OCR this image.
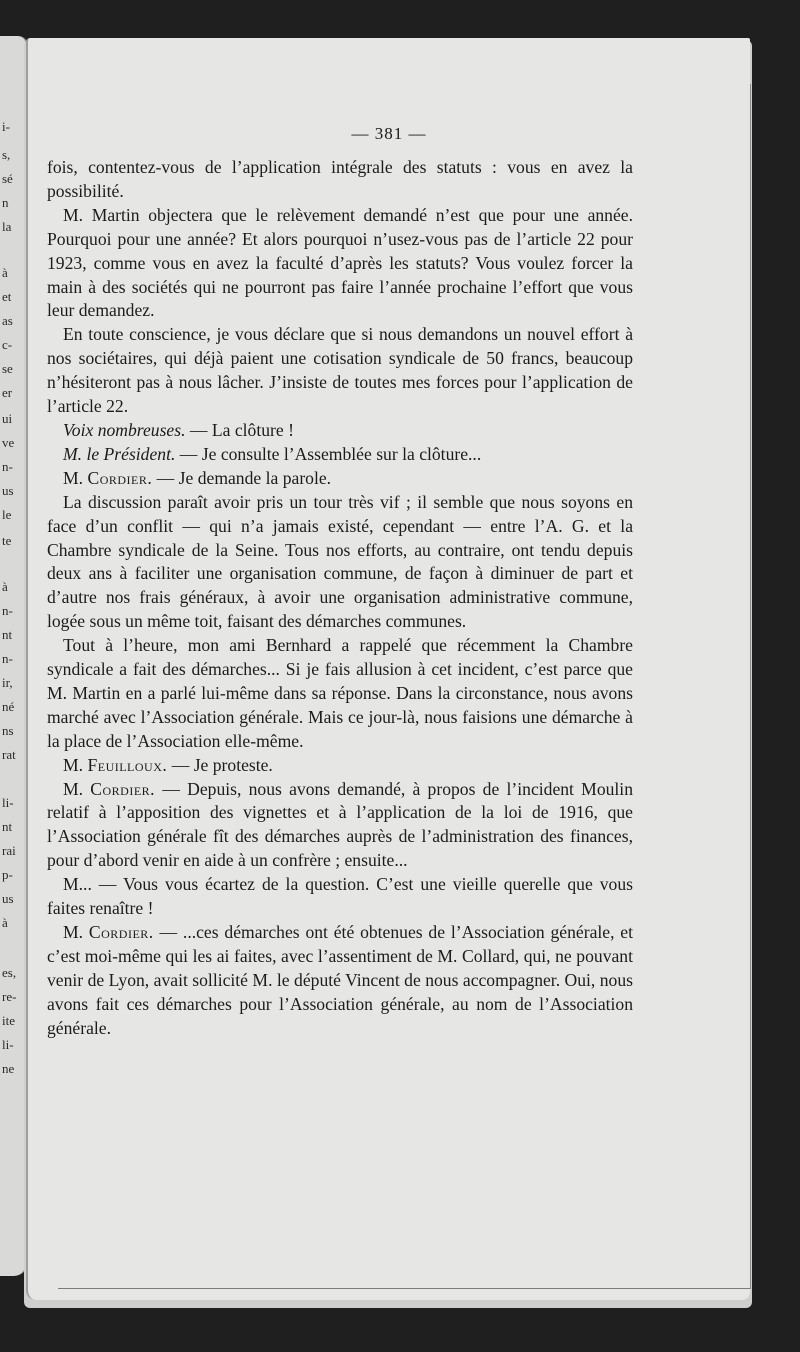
i-
s,
sé
n
la
à
et
as
c-
se
er
ui
ve
n-
us
le
te
à
n-
nt
n-
ir,
né
ns
rat
li-
nt
rai
p-
us
à
es,
re-
ite
li-
ne
— 381 —

fois, contentez-vous de l’application intégrale des statuts : vous en avez la possibilité.

M. Martin objectera que le relèvement demandé n’est que pour une année. Pourquoi pour une année? Et alors pourquoi n’usez-vous pas de l’article 22 pour 1923, comme vous en avez la faculté d’après les statuts? Vous voulez forcer la main à des sociétés qui ne pourront pas faire l’année prochaine l’effort que vous leur demandez.

En toute conscience, je vous déclare que si nous demandons un nouvel effort à nos sociétaires, qui déjà paient une cotisation syndicale de 50 francs, beaucoup n’hésiteront pas à nous lâcher. J’insiste de toutes mes forces pour l’application de l’article 22.

Voix nombreuses. — La clôture !

M. le Président. — Je consulte l’Assemblée sur la clôture...

M. Cordier. — Je demande la parole.

La discussion paraît avoir pris un tour très vif ; il semble que nous soyons en face d’un conflit — qui n’a jamais existé, cependant — entre l’A. G. et la Chambre syndicale de la Seine. Tous nos efforts, au contraire, ont tendu depuis deux ans à faciliter une organisation commune, de façon à diminuer de part et d’autre nos frais généraux, à avoir une organisation administrative commune, logée sous un même toit, faisant des démarches communes.

Tout à l’heure, mon ami Bernhard a rappelé que récemment la Chambre syndicale a fait des démarches... Si je fais allusion à cet incident, c’est parce que M. Martin en a parlé lui-même dans sa réponse. Dans la circonstance, nous avons marché avec l’Association générale. Mais ce jour-là, nous faisions une démarche à la place de l’Association elle-même.

M. Feuilloux. — Je proteste.

M. Cordier. — Depuis, nous avons demandé, à propos de l’incident Moulin relatif à l’apposition des vignettes et à l’application de la loi de 1916, que l’Association générale fît des démarches auprès de l’administration des finances, pour d’abord venir en aide à un confrère ; ensuite...

M... — Vous vous écartez de la question. C’est une vieille querelle que vous faites renaître !

M. Cordier. — ...ces démarches ont été obtenues de l’Association générale, et c’est moi-même qui les ai faites, avec l’assentiment de M. Collard, qui, ne pouvant venir de Lyon, avait sollicité M. le député Vincent de nous accompagner. Oui, nous avons fait ces démarches pour l’Association générale, au nom de l’Association générale.
